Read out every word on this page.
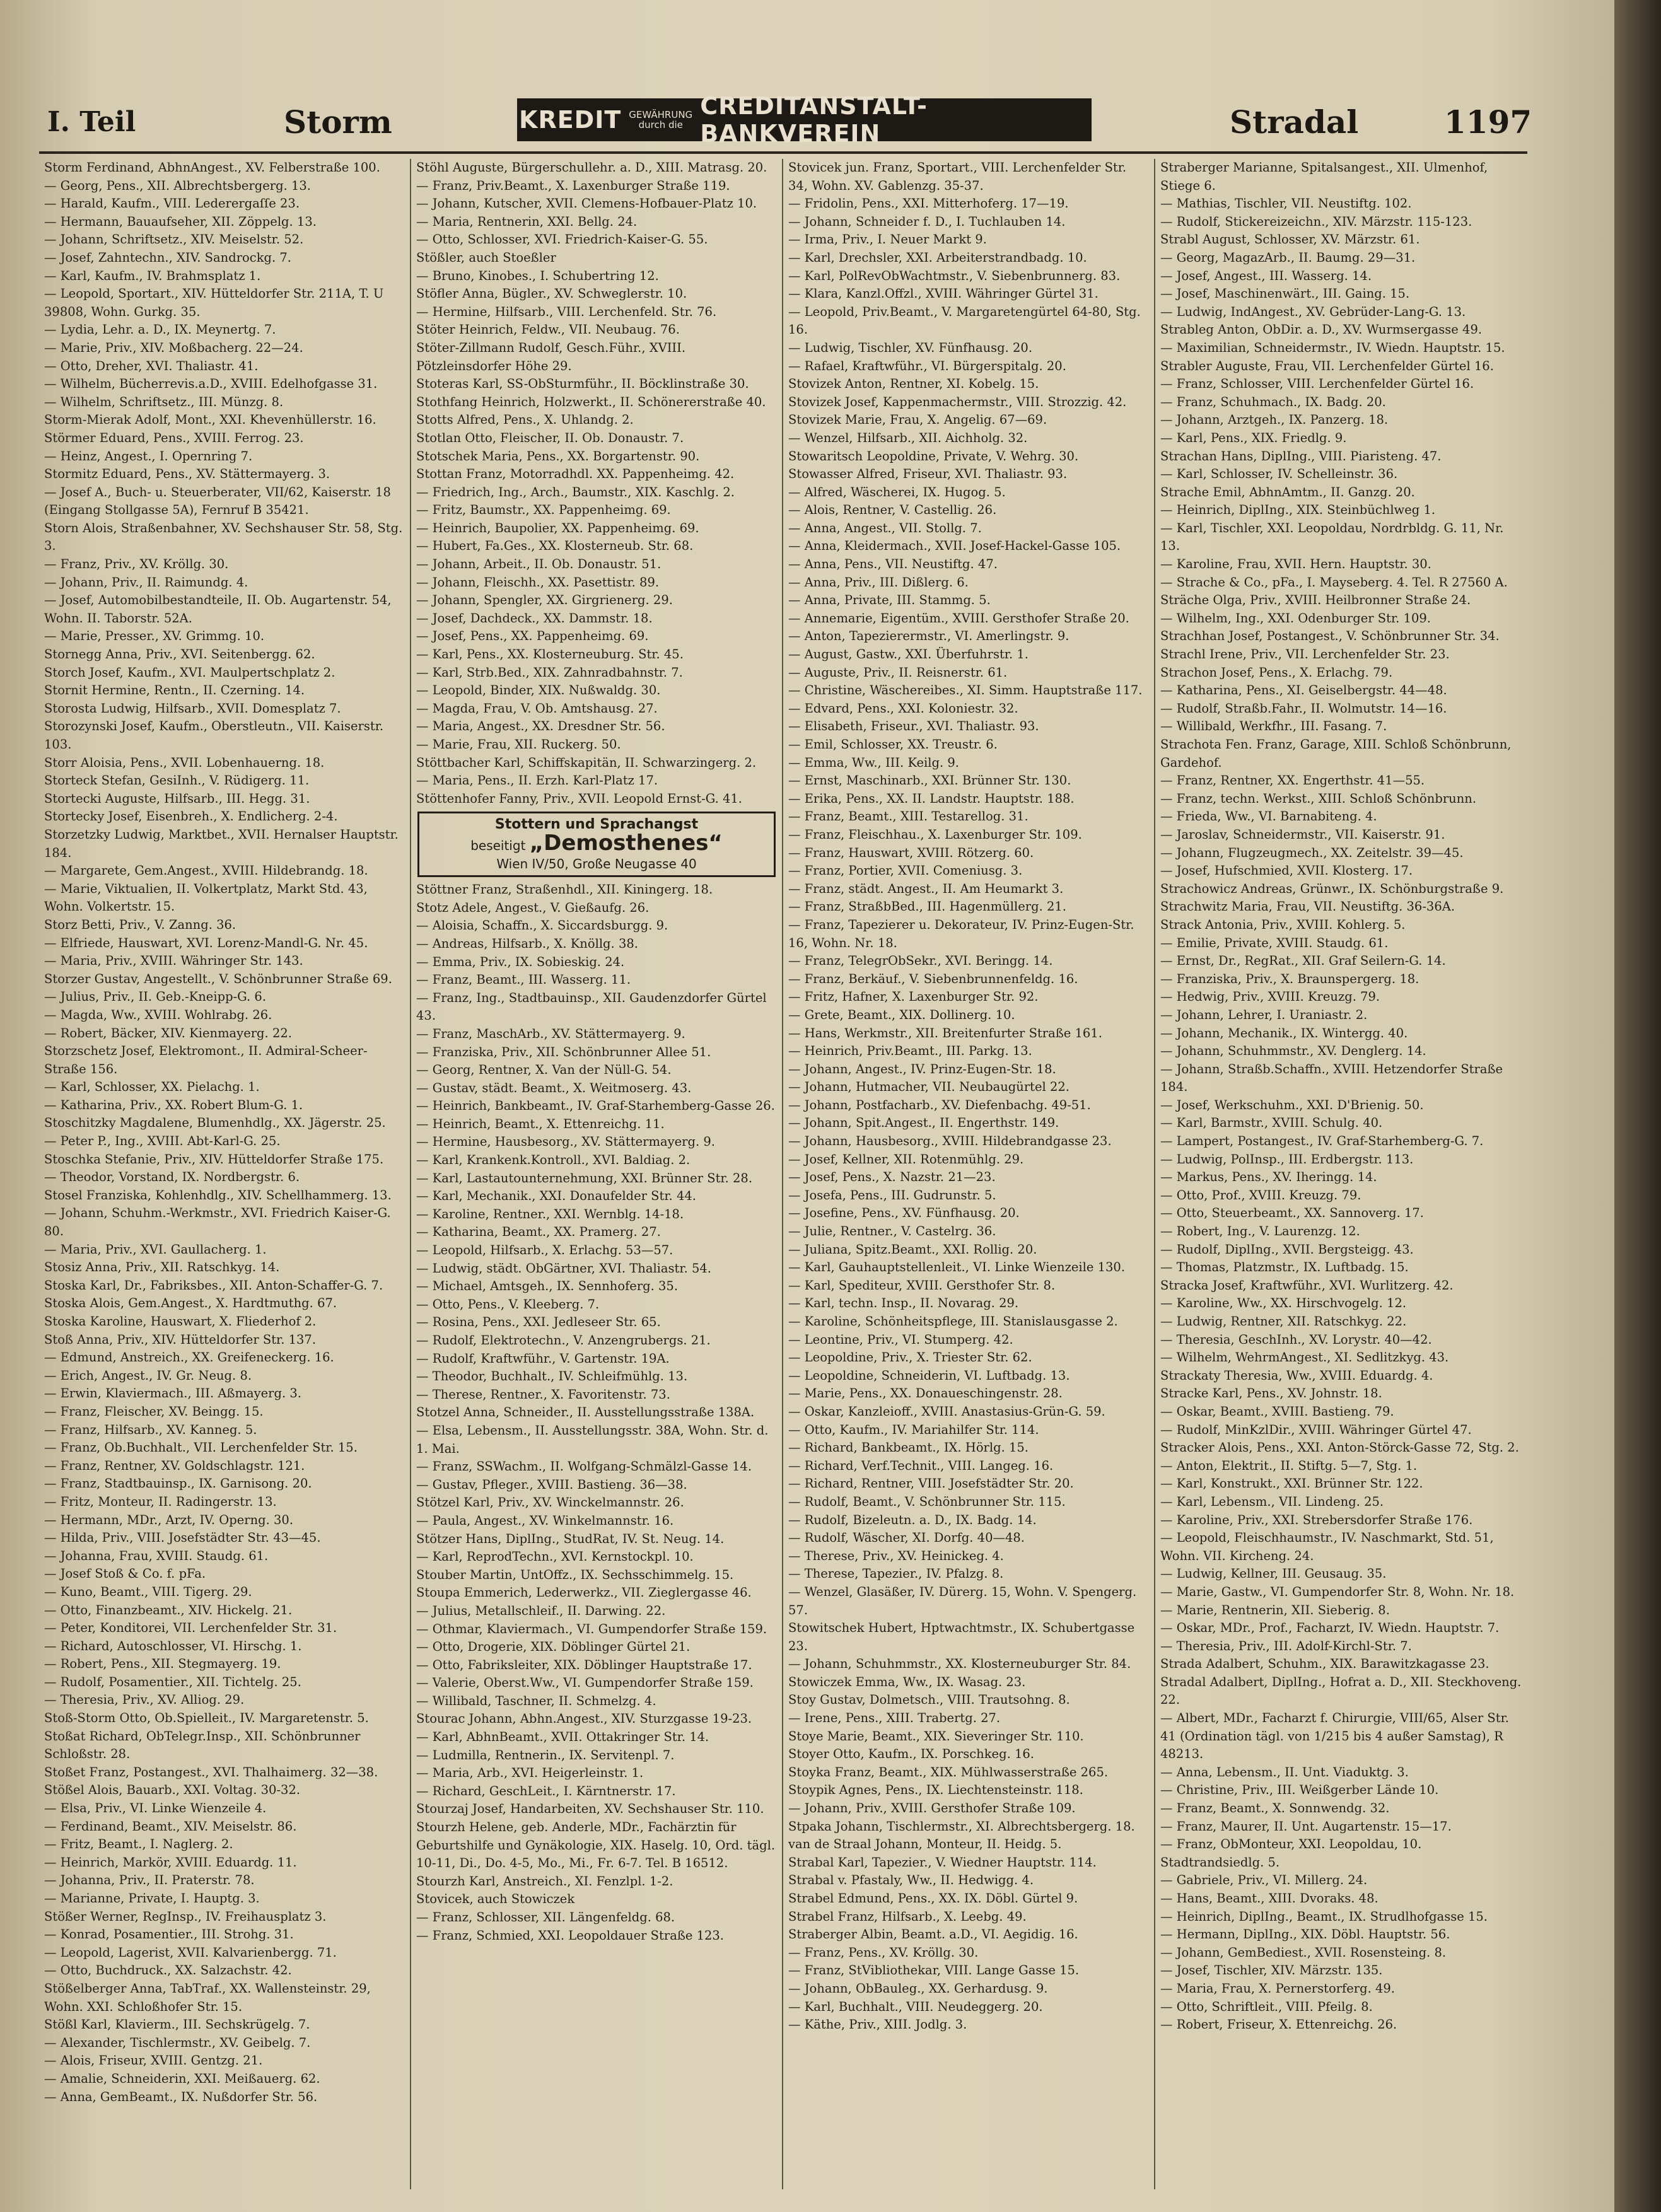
I. Teil	Storm	KREDIT GEWÄHRUNG
durch die
CREDITANSTALT-BANKVEREIN	Stradal	1197

Storm Ferdinand, AbhnAngest., XV. Felberstraße 100.

— Georg, Pens., XII. Albrechtsbergerg. 13.

— Harald, Kaufm., VIII. Lederergaſſe 23.

— Hermann, Bauaufseher, XII. Zöppelg. 13.

— Johann, Schriftsetz., XIV. Meiselstr. 52.

— Josef, Zahntechn., XIV. Sandrockg. 7.

— Karl, Kaufm., IV. Brahmsplatz 1.

— Leopold, Sportart., XIV. Hütteldorfer Str. 211A, T. U 39808, Wohn. Gurkg. 35.

— Lydia, Lehr. a. D., IX. Meynertg. 7.

— Marie, Priv., XIV. Moßbacherg. 22—24.

— Otto, Dreher, XVI. Thaliastr. 41.

— Wilhelm, Bücherrevis.a.D., XVIII. Edelhofgasse 31.

— Wilhelm, Schriftsetz., III. Münzg. 8.

Storm-Mierak Adolf, Mont., XXI. Khevenhüllerstr. 16.

Störmer Eduard, Pens., XVIII. Ferrog. 23.

— Heinz, Angest., I. Opernring 7.

Stormitz Eduard, Pens., XV. Stättermayerg. 3.

— Josef A., Buch- u. Steuerberater, VII/62, Kaiserstr. 18 (Eingang Stollgasse 5A), Fernruf B 35421.

Storn Alois, Straßenbahner, XV. Sechshauser Str. 58, Stg. 3.

— Franz, Priv., XV. Kröllg. 30.

— Johann, Priv., II. Raimundg. 4.

— Josef, Automobilbestandteile, II. Ob. Augartenstr. 54, Wohn. II. Taborstr. 52A.

— Marie, Presser., XV. Grimmg. 10.

Stornegg Anna, Priv., XVI. Seitenbergg. 62.

Storch Josef, Kaufm., XVI. Maulpertschplatz 2.

Stornit Hermine, Rentn., II. Czerning. 14.

Storosta Ludwig, Hilfsarb., XVII. Domesplatz 7.

Storozynski Josef, Kaufm., Oberstleutn., VII. Kaiserstr. 103.

Storr Aloisia, Pens., XVII. Lobenhauerng. 18.

Storteck Stefan, GesiInh., V. Rüdigerg. 11.

Stortecki Auguste, Hilfsarb., III. Hegg. 31.

Stortecky Josef, Eisenbreh., X. Endlicherg. 2-4.

Storzetzky Ludwig, Marktbet., XVII. Hernalser Hauptstr. 184.

— Margarete, Gem.Angest., XVIII. Hildebrandg. 18.

— Marie, Viktualien, II. Volkertplatz, Markt Std. 43, Wohn. Volkertstr. 15.

Storz Betti, Priv., V. Zanng. 36.

— Elfriede, Hauswart, XVI. Lorenz-Mandl-G. Nr. 45.

— Maria, Priv., XVIII. Währinger Str. 143.

Storzer Gustav, Angestellt., V. Schönbrunner Straße 69.

— Julius, Priv., II. Geb.-Kneipp-G. 6.

— Magda, Ww., XVIII. Wohlrabg. 26.

— Robert, Bäcker, XIV. Kienmayerg. 22.

Storzschetz Josef, Elektromont., II. Admiral-Scheer-Straße 156.

— Karl, Schlosser, XX. Pielachg. 1.

— Katharina, Priv., XX. Robert Blum-G. 1.

Stoschitzky Magdalene, Blumenhdlg., XX. Jägerstr. 25.

— Peter P., Ing., XVIII. Abt-Karl-G. 25.

Stoschka Stefanie, Priv., XIV. Hütteldorfer Straße 175.

— Theodor, Vorstand, IX. Nordbergstr. 6.

Stosel Franziska, Kohlenhdlg., XIV. Schellhammerg. 13.

— Johann, Schuhm.-Werkmstr., XVI. Friedrich Kaiser-G. 80.

— Maria, Priv., XVI. Gaullacherg. 1.

Stosiz Anna, Priv., XII. Ratschkyg. 14.

Stoska Karl, Dr., Fabriksbes., XII. Anton-Schaffer-G. 7.

Stoska Alois, Gem.Angest., X. Hardtmuthg. 67.

Stoska Karoline, Hauswart, X. Fliederhof 2.

Stoß Anna, Priv., XIV. Hütteldorfer Str. 137.

— Edmund, Anstreich., XX. Greifeneckerg. 16.

— Erich, Angest., IV. Gr. Neug. 8.

— Erwin, Klaviermach., III. Aßmayerg. 3.

— Franz, Fleischer, XV. Beingg. 15.

— Franz, Hilfsarb., XV. Kanneg. 5.

— Franz, Ob.Buchhalt., VII. Lerchenfelder Str. 15.

— Franz, Rentner, XV. Goldschlagstr. 121.

— Franz, Stadtbauinsp., IX. Garnisong. 20.

— Fritz, Monteur, II. Radingerstr. 13.

— Hermann, MDr., Arzt, IV. Operng. 30.

— Hilda, Priv., VIII. Josefstädter Str. 43—45.

— Johanna, Frau, XVIII. Staudg. 61.

— Josef Stoß & Co. f. pFa.

— Kuno, Beamt., VIII. Tigerg. 29.

— Otto, Finanzbeamt., XIV. Hickelg. 21.

— Peter, Konditorei, VII. Lerchenfelder Str. 31.

— Richard, Autoschlosser, VI. Hirschg. 1.

— Robert, Pens., XII. Stegmayerg. 19.

— Rudolf, Posamentier., XII. Tichtelg. 25.

— Theresia, Priv., XV. Alliog. 29.

Stoß-Storm Otto, Ob.Spielleit., IV. Margaretenstr. 5.

Stoßat Richard, ObTelegr.Insp., XII. Schönbrunner Schloßstr. 28.

Stoßet Franz, Postangest., XVI. Thalhaimerg. 32—38.

Stößel Alois, Bauarb., XXI. Voltag. 30-32.

— Elsa, Priv., VI. Linke Wienzeile 4.

— Ferdinand, Beamt., XIV. Meiselstr. 86.

— Fritz, Beamt., I. Naglerg. 2.

— Heinrich, Markör, XVIII. Eduardg. 11.

— Johanna, Priv., II. Praterstr. 78.

— Marianne, Private, I. Hauptg. 3.

Stößer Werner, RegInsp., IV. Freihausplatz 3.

— Konrad, Posamentier., III. Strohg. 31.

— Leopold, Lagerist, XVII. Kalvarienbergg. 71.

— Otto, Buchdruck., XX. Salzachstr. 42.

Stößelberger Anna, TabTraf., XX. Wallensteinstr. 29, Wohn. XXI. Schloßhofer Str. 15.

Stößl Karl, Klavierm., III. Sechskrügelg. 7.

— Alexander, Tischlermstr., XV. Geibelg. 7.

— Alois, Friseur, XVIII. Gentzg. 21.

— Amalie, Schneiderin, XXI. Meißauerg. 62.

— Anna, GemBeamt., IX. Nußdorfer Str. 56.

Stöhl Auguste, Bürgerschullehr. a. D., XIII. Matrasg. 20.

— Franz, Priv.Beamt., X. Laxenburger Straße 119.

— Johann, Kutscher, XVII. Clemens-Hofbauer-Platz 10.

— Maria, Rentnerin, XXI. Bellg. 24.

— Otto, Schlosser, XVI. Friedrich-Kaiser-G. 55.

Stößler, auch Stoeßler

— Bruno, Kinobes., I. Schubertring 12.

Stöfler Anna, Bügler., XV. Schweglerstr. 10.

— Hermine, Hilfsarb., VIII. Lerchenfeld. Str. 76.

Stöter Heinrich, Feldw., VII. Neubaug. 76.

Stöter-Zillmann Rudolf, Gesch.Führ., XVIII. Pötzleinsdorfer Höhe 29.

Stoteras Karl, SS-ObSturmführ., II. Böcklinstraße 30.

Stothfang Heinrich, Holzwerkt., II. Schönererstraße 40.

Stotts Alfred, Pens., X. Uhlandg. 2.

Stotlan Otto, Fleischer, II. Ob. Donaustr. 7.

Stotschek Maria, Pens., XX. Borgartenstr. 90.

Stottan Franz, Motorradhdl. XX. Pappenheimg. 42.

— Friedrich, Ing., Arch., Baumstr., XIX. Kaschlg. 2.

— Fritz, Baumstr., XX. Pappenheimg. 69.

— Heinrich, Baupolier, XX. Pappenheimg. 69.

— Hubert, Fa.Ges., XX. Klosterneub. Str. 68.

— Johann, Arbeit., II. Ob. Donaustr. 51.

— Johann, Fleischh., XX. Pasettistr. 89.

— Johann, Spengler, XX. Girgrienerg. 29.

— Josef, Dachdeck., XX. Dammstr. 18.

— Josef, Pens., XX. Pappenheimg. 69.

— Karl, Pens., XX. Klosterneuburg. Str. 45.

— Karl, Strb.Bed., XIX. Zahnradbahnstr. 7.

— Leopold, Binder, XIX. Nußwaldg. 30.

— Magda, Frau, V. Ob. Amtshausg. 27.

— Maria, Angest., XX. Dresdner Str. 56.

— Marie, Frau, XII. Ruckerg. 50.

Stöttbacher Karl, Schiffskapitän, II. Schwarzingerg. 2.

— Maria, Pens., II. Erzh. Karl-Platz 17.

Stöttenhofer Fanny, Priv., XVII. Leopold Ernst-G. 41.

Stottern und Sprachangst
beseitigt „Demosthenes“
Wien IV/50, Große Neugasse 40

Stöttner Franz, Straßenhdl., XII. Kiningerg. 18.

Stotz Adele, Angest., V. Gießaufg. 26.

— Aloisia, Schaffn., X. Siccardsburgg. 9.

— Andreas, Hilfsarb., X. Knöllg. 38.

— Emma, Priv., IX. Sobieskig. 24.

— Franz, Beamt., III. Wasserg. 11.

— Franz, Ing., Stadtbauinsp., XII. Gaudenzdorfer Gürtel 43.

— Franz, MaschArb., XV. Stättermayerg. 9.

— Franziska, Priv., XII. Schönbrunner Allee 51.

— Georg, Rentner, X. Van der Nüll-G. 54.

— Gustav, städt. Beamt., X. Weitmoserg. 43.

— Heinrich, Bankbeamt., IV. Graf-Starhemberg-Gasse 26.

— Heinrich, Beamt., X. Ettenreichg. 11.

— Hermine, Hausbesorg., XV. Stättermayerg. 9.

— Karl, Krankenk.Kontroll., XVI. Baldiag. 2.

— Karl, Lastautounternehmung, XXI. Brünner Str. 28.

— Karl, Mechanik., XXI. Donaufelder Str. 44.

— Karoline, Rentner., XXI. Wernblg. 14-18.

— Katharina, Beamt., XX. Pramerg. 27.

— Leopold, Hilfsarb., X. Erlachg. 53—57.

— Ludwig, städt. ObGärtner, XVI. Thaliastr. 54.

— Michael, Amtsgeh., IX. Sennhoferg. 35.

— Otto, Pens., V. Kleeberg. 7.

— Rosina, Pens., XXI. Jedleseer Str. 65.

— Rudolf, Elektrotechn., V. Anzengrubergs. 21.

— Rudolf, Kraftwführ., V. Gartenstr. 19A.

— Theodor, Buchhalt., IV. Schleifmühlg. 13.

— Therese, Rentner., X. Favoritenstr. 73.

Stotzel Anna, Schneider., II. Ausstellungsstraße 138A.

— Elsa, Lebensm., II. Ausstellungsstr. 38A, Wohn. Str. d. 1. Mai.

— Franz, SSWachm., II. Wolfgang-Schmälzl-Gasse 14.

— Gustav, Pfleger., XVIII. Bastieng. 36—38.

Stötzel Karl, Priv., XV. Winckelmannstr. 26.

— Paula, Angest., XV. Winkelmannstr. 16.

Stötzer Hans, DiplIng., StudRat, IV. St. Neug. 14.

— Karl, ReprodTechn., XVI. Kernstockpl. 10.

Stouber Martin, UntOffz., IX. Sechsschimmelg. 15.

Stoupa Emmerich, Lederwerkz., VII. Zieglergasse 46.

— Julius, Metallschleif., II. Darwing. 22.

— Othmar, Klaviermach., VI. Gumpendorfer Straße 159.

— Otto, Drogerie, XIX. Döblinger Gürtel 21.

— Otto, Fabriksleiter, XIX. Döblinger Hauptstraße 17.

— Valerie, Oberst.Ww., VI. Gumpendorfer Straße 159.

— Willibald, Taschner, II. Schmelzg. 4.

Stourac Johann, Abhn.Angest., XIV. Sturzgasse 19-23.

— Karl, AbhnBeamt., XVII. Ottakringer Str. 14.

— Ludmilla, Rentnerin., IX. Servitenpl. 7.

— Maria, Arb., XVI. Heigerleinstr. 1.

— Richard, GeschLeit., I. Kärntnerstr. 17.

Stourzaj Josef, Handarbeiten, XV. Sechshauser Str. 110.

Stourzh Helene, geb. Anderle, MDr., Fachärztin für Geburtshilfe und Gynäkologie, XIX. Haselg. 10, Ord. tägl. 10-11, Di., Do. 4-5, Mo., Mi., Fr. 6-7. Tel. B 16512.

Stourzh Karl, Anstreich., XI. Fenzlpl. 1-2.

Stovicek, auch Stowiczek

— Franz, Schlosser, XII. Längenfeldg. 68.

— Franz, Schmied, XXI. Leopoldauer Straße 123.

Stovicek jun. Franz, Sportart., VIII. Lerchenfelder Str. 34, Wohn. XV. Gablenzg. 35-37.

— Fridolin, Pens., XXI. Mitterhoferg. 17—19.

— Johann, Schneider f. D., I. Tuchlauben 14.

— Irma, Priv., I. Neuer Markt 9.

— Karl, Drechsler, XXI. Arbeiterstrandbadg. 10.

— Karl, PolRevObWachtmstr., V. Siebenbrunnerg. 83.

— Klara, Kanzl.Offzl., XVIII. Währinger Gürtel 31.

— Leopold, Priv.Beamt., V. Margaretengürtel 64-80, Stg. 16.

— Ludwig, Tischler, XV. Fünfhausg. 20.

— Rafael, Kraftwführ., VI. Bürgerspitalg. 20.

Stovizek Anton, Rentner, XI. Kobelg. 15.

Stovizek Josef, Kappenmachermstr., VIII. Strozzig. 42.

Stovizek Marie, Frau, X. Angelig. 67—69.

— Wenzel, Hilfsarb., XII. Aichholg. 32.

Stowaritsch Leopoldine, Private, V. Wehrg. 30.

Stowasser Alfred, Friseur, XVI. Thaliastr. 93.

— Alfred, Wäscherei, IX. Hugog. 5.

— Alois, Rentner, V. Castellig. 26.

— Anna, Angest., VII. Stollg. 7.

— Anna, Kleidermach., XVII. Josef-Hackel-Gasse 105.

— Anna, Pens., VII. Neustiftg. 47.

— Anna, Priv., III. Dißlerg. 6.

— Anna, Private, III. Stammg. 5.

— Annemarie, Eigentüm., XVIII. Gersthofer Straße 20.

— Anton, Tapezierermstr., VI. Amerlingstr. 9.

— August, Gastw., XXI. Überfuhrstr. 1.

— Auguste, Priv., II. Reisnerstr. 61.

— Christine, Wäschereibes., XI. Simm. Hauptstraße 117.

— Edvard, Pens., XXI. Koloniestr. 32.

— Elisabeth, Friseur., XVI. Thaliastr. 93.

— Emil, Schlosser, XX. Treustr. 6.

— Emma, Ww., III. Keilg. 9.

— Ernst, Maschinarb., XXI. Brünner Str. 130.

— Erika, Pens., XX. II. Landstr. Hauptstr. 188.

— Franz, Beamt., XIII. Testarellog. 31.

— Franz, Fleischhau., X. Laxenburger Str. 109.

— Franz, Hauswart, XVIII. Rötzerg. 60.

— Franz, Portier, XVII. Comeniusg. 3.

— Franz, städt. Angest., II. Am Heumarkt 3.

— Franz, StraßbBed., III. Hagenmüllerg. 21.

— Franz, Tapezierer u. Dekorateur, IV. Prinz-Eugen-Str. 16, Wohn. Nr. 18.

— Franz, TelegrObSekr., XVI. Beringg. 14.

— Franz, Berkäuf., V. Siebenbrunnenfeldg. 16.

— Fritz, Hafner, X. Laxenburger Str. 92.

— Grete, Beamt., XIX. Dollinerg. 10.

— Hans, Werkmstr., XII. Breitenfurter Straße 161.

— Heinrich, Priv.Beamt., III. Parkg. 13.

— Johann, Angest., IV. Prinz-Eugen-Str. 18.

— Johann, Hutmacher, VII. Neubaugürtel 22.

— Johann, Postfacharb., XV. Diefenbachg. 49-51.

— Johann, Spit.Angest., II. Engerthstr. 149.

— Johann, Hausbesorg., XVIII. Hildebrandgasse 23.

— Josef, Kellner, XII. Rotenmühlg. 29.

— Josef, Pens., X. Nazstr. 21—23.

— Josefa, Pens., III. Gudrunstr. 5.

— Josefine, Pens., XV. Fünfhausg. 20.

— Julie, Rentner., V. Castelrg. 36.

— Juliana, Spitz.Beamt., XXI. Rollig. 20.

— Karl, Gauhauptstellenleit., VI. Linke Wienzeile 130.

— Karl, Spediteur, XVIII. Gersthofer Str. 8.

— Karl, techn. Insp., II. Novarag. 29.

— Karoline, Schönheitspflege, III. Stanislausgasse 2.

— Leontine, Priv., VI. Stumperg. 42.

— Leopoldine, Priv., X. Triester Str. 62.

— Leopoldine, Schneiderin, VI. Luftbadg. 13.

— Marie, Pens., XX. Donaueschingenstr. 28.

— Oskar, Kanzleioff., XVIII. Anastasius-Grün-G. 59.

— Otto, Kaufm., IV. Mariahilfer Str. 114.

— Richard, Bankbeamt., IX. Hörlg. 15.

— Richard, Verf.Technit., VIII. Langeg. 16.

— Richard, Rentner, VIII. Josefstädter Str. 20.

— Rudolf, Beamt., V. Schönbrunner Str. 115.

— Rudolf, Bizeleutn. a. D., IX. Badg. 14.

— Rudolf, Wäscher, XI. Dorfg. 40—48.

— Therese, Priv., XV. Heinickeg. 4.

— Therese, Tapezier., IV. Pfalzg. 8.

— Wenzel, Glasäßer, IV. Dürerg. 15, Wohn. V. Spengerg. 57.

Stowitschek Hubert, Hptwachtmstr., IX. Schubertgasse 23.

— Johann, Schuhmmstr., XX. Klosterneuburger Str. 84.

Stowiczek Emma, Ww., IX. Wasag. 23.

Stoy Gustav, Dolmetsch., VIII. Trautsohng. 8.

— Irene, Pens., XIII. Trabertg. 27.

Stoye Marie, Beamt., XIX. Sieveringer Str. 110.

Stoyer Otto, Kaufm., IX. Porschkeg. 16.

Stoyka Franz, Beamt., XIX. Mühlwasserstraße 265.

Stoypik Agnes, Pens., IX. Liechtensteinstr. 118.

— Johann, Priv., XVIII. Gersthofer Straße 109.

Stpaka Johann, Tischlermstr., XI. Albrechtsbergerg. 18.

van de Straal Johann, Monteur, II. Heidg. 5.

Strabal Karl, Tapezier., V. Wiedner Hauptstr. 114.

Strabal v. Pfastaly, Ww., II. Hedwigg. 4.

Strabel Edmund, Pens., XX. IX. Döbl. Gürtel 9.

Strabel Franz, Hilfsarb., X. Leebg. 49.

Straberger Albin, Beamt. a.D., VI. Aegidig. 16.

— Franz, Pens., XV. Kröllg. 30.

— Franz, StVibliothekar, VIII. Lange Gasse 15.

— Johann, ObBauleg., XX. Gerhardusg. 9.

— Karl, Buchhalt., VIII. Neudeggerg. 20.

— Käthe, Priv., XIII. Jodlg. 3.

Straberger Marianne, Spitalsangest., XII. Ulmenhof, Stiege 6.

— Mathias, Tischler, VII. Neustiftg. 102.

— Rudolf, Stickereizeichn., XIV. Märzstr. 115-123.

Strabl August, Schlosser, XV. Märzstr. 61.

— Georg, MagazArb., II. Baumg. 29—31.

— Josef, Angest., III. Wasserg. 14.

— Josef, Maschinenwärt., III. Gaing. 15.

— Ludwig, IndAngest., XV. Gebrüder-Lang-G. 13.

Strableg Anton, ObDir. a. D., XV. Wurmsergasse 49.

— Maximilian, Schneidermstr., IV. Wiedn. Hauptstr. 15.

Strabler Auguste, Frau, VII. Lerchenfelder Gürtel 16.

— Franz, Schlosser, VIII. Lerchenfelder Gürtel 16.

— Franz, Schuhmach., IX. Badg. 20.

— Johann, Arztgeh., IX. Panzerg. 18.

— Karl, Pens., XIX. Friedlg. 9.

Strachan Hans, DiplIng., VIII. Piaristeng. 47.

— Karl, Schlosser, IV. Schelleinstr. 36.

Strache Emil, AbhnAmtm., II. Ganzg. 20.

— Heinrich, DiplIng., XIX. Steinbüchlweg 1.

— Karl, Tischler, XXI. Leopoldau, Nordrbldg. G. 11, Nr. 13.

— Karoline, Frau, XVII. Hern. Hauptstr. 30.

— Strache & Co., pFa., I. Mayseberg. 4. Tel. R 27560 A.

Sträche Olga, Priv., XVIII. Heilbronner Straße 24.

— Wilhelm, Ing., XXI. Odenburger Str. 109.

Strachhan Josef, Postangest., V. Schönbrunner Str. 34.

Strachl Irene, Priv., VII. Lerchenfelder Str. 23.

Strachon Josef, Pens., X. Erlachg. 79.

— Katharina, Pens., XI. Geiselbergstr. 44—48.

— Rudolf, Straßb.Fahr., II. Wolmutstr. 14—16.

— Willibald, Werkfhr., III. Fasang. 7.

Strachota Fen. Franz, Garage, XIII. Schloß Schönbrunn, Gardehof.

— Franz, Rentner, XX. Engerthstr. 41—55.

— Franz, techn. Werkst., XIII. Schloß Schönbrunn.

— Frieda, Ww., VI. Barnabiteng. 4.

— Jaroslav, Schneidermstr., VII. Kaiserstr. 91.

— Johann, Flugzeugmech., XX. Zeitelstr. 39—45.

— Josef, Hufschmied, XVII. Klosterg. 17.

Strachowicz Andreas, Grünwr., IX. Schönburgstraße 9.

Strachwitz Maria, Frau, VII. Neustiftg. 36-36A.

Strack Antonia, Priv., XVIII. Kohlerg. 5.

— Emilie, Private, XVIII. Staudg. 61.

— Ernst, Dr., RegRat., XII. Graf Seilern-G. 14.

— Franziska, Priv., X. Braunspergerg. 18.

— Hedwig, Priv., XVIII. Kreuzg. 79.

— Johann, Lehrer, I. Uraniastr. 2.

— Johann, Mechanik., IX. Wintergg. 40.

— Johann, Schuhmmstr., XV. Denglerg. 14.

— Johann, Straßb.Schaffn., XVIII. Hetzendorfer Straße 184.

— Josef, Werkschuhm., XXI. D'Brienig. 50.

— Karl, Barmstr., XVIII. Schulg. 40.

— Lampert, Postangest., IV. Graf-Starhemberg-G. 7.

— Ludwig, PolInsp., III. Erdbergstr. 113.

— Markus, Pens., XV. Iheringg. 14.

— Otto, Prof., XVIII. Kreuzg. 79.

— Otto, Steuerbeamt., XX. Sannoverg. 17.

— Robert, Ing., V. Laurenzg. 12.

— Rudolf, DiplIng., XVII. Bergsteigg. 43.

— Thomas, Platzmstr., IX. Luftbadg. 15.

Stracka Josef, Kraftwführ., XVI. Wurlitzerg. 42.

— Karoline, Ww., XX. Hirschvogelg. 12.

— Ludwig, Rentner, XII. Ratschkyg. 22.

— Theresia, GeschInh., XV. Lorystr. 40—42.

— Wilhelm, WehrmAngest., XI. Sedlitzkyg. 43.

Strackaty Theresia, Ww., XVIII. Eduardg. 4.

Stracke Karl, Pens., XV. Johnstr. 18.

— Oskar, Beamt., XVIII. Bastieng. 79.

— Rudolf, MinKzlDir., XVIII. Währinger Gürtel 47.

Stracker Alois, Pens., XXI. Anton-Störck-Gasse 72, Stg. 2.

— Anton, Elektrit., II. Stiftg. 5—7, Stg. 1.

— Karl, Konstrukt., XXI. Brünner Str. 122.

— Karl, Lebensm., VII. Lindeng. 25.

— Karoline, Priv., XXI. Strebersdorfer Straße 176.

— Leopold, Fleischhaumstr., IV. Naschmarkt, Std. 51, Wohn. VII. Kircheng. 24.

— Ludwig, Kellner, III. Geusaug. 35.

— Marie, Gastw., VI. Gumpendorfer Str. 8, Wohn. Nr. 18.

— Marie, Rentnerin, XII. Sieberig. 8.

— Oskar, MDr., Prof., Facharzt, IV. Wiedn. Hauptstr. 7.

— Theresia, Priv., III. Adolf-Kirchl-Str. 7.

Strada Adalbert, Schuhm., XIX. Barawitzkagasse 23.

Stradal Adalbert, DiplIng., Hofrat a. D., XII. Steckhoveng. 22.

— Albert, MDr., Facharzt f. Chirurgie, VIII/65, Alser Str. 41 (Ordination tägl. von 1/215 bis 4 außer Samstag), R 48213.

— Anna, Lebensm., II. Unt. Viaduktg. 3.

— Christine, Priv., III. Weißgerber Lände 10.

— Franz, Beamt., X. Sonnwendg. 32.

— Franz, Maurer, II. Unt. Augartenstr. 15—17.

— Franz, ObMonteur, XXI. Leopoldau, 10. Stadtrandsiedlg. 5.

— Gabriele, Priv., VI. Millerg. 24.

— Hans, Beamt., XIII. Dvoraks. 48.

— Heinrich, DiplIng., Beamt., IX. Strudlhofgasse 15.

— Hermann, DiplIng., XIX. Döbl. Hauptstr. 56.

— Johann, GemBediest., XVII. Rosensteing. 8.

— Josef, Tischler, XIV. Märzstr. 135.

— Maria, Frau, X. Pernerstorferg. 49.

— Otto, Schriftleit., VIII. Pfeilg. 8.

— Robert, Friseur, X. Ettenreichg. 26.
